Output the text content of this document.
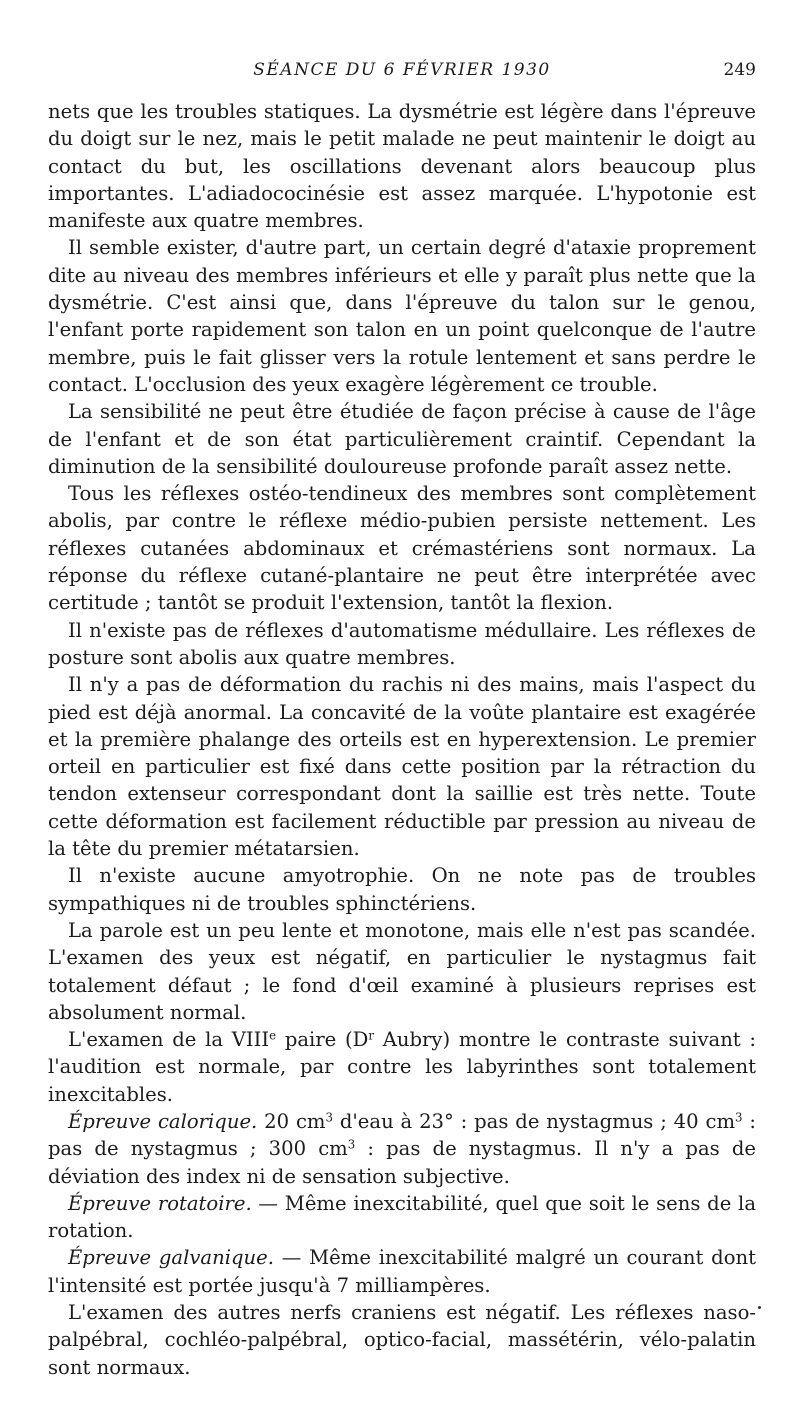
SÉANCE DU 6 FÉVRIER 1930	249

nets que les troubles statiques. La dysmétrie est légère dans l'épreuve du doigt sur le nez, mais le petit malade ne peut maintenir le doigt au contact du but, les oscillations devenant alors beaucoup plus importantes. L'adiadococinésie est assez marquée. L'hypotonie est manifeste aux quatre membres.

Il semble exister, d'autre part, un certain degré d'ataxie proprement dite au niveau des membres inférieurs et elle y paraît plus nette que la dysmétrie. C'est ainsi que, dans l'épreuve du talon sur le genou, l'enfant porte rapidement son talon en un point quelconque de l'autre membre, puis le fait glisser vers la rotule lentement et sans perdre le contact. L'occlusion des yeux exagère légèrement ce trouble.

La sensibilité ne peut être étudiée de façon précise à cause de l'âge de l'enfant et de son état particulièrement craintif. Cependant la diminution de la sensibilité douloureuse profonde paraît assez nette.

Tous les réflexes ostéo-tendineux des membres sont complètement abolis, par contre le réflexe médio-pubien persiste nettement. Les réflexes cutanées abdominaux et crémastériens sont normaux. La réponse du réflexe cutané-plantaire ne peut être interprétée avec certitude ; tantôt se produit l'extension, tantôt la flexion.

Il n'existe pas de réflexes d'automatisme médullaire. Les réflexes de posture sont abolis aux quatre membres.

Il n'y a pas de déformation du rachis ni des mains, mais l'aspect du pied est déjà anormal. La concavité de la voûte plantaire est exagérée et la première phalange des orteils est en hyperextension. Le premier orteil en particulier est fixé dans cette position par la rétraction du tendon extenseur correspondant dont la saillie est très nette. Toute cette déformation est facilement réductible par pression au niveau de la tête du premier métatarsien.

Il n'existe aucune amyotrophie. On ne note pas de troubles sympathiques ni de troubles sphinctériens.

La parole est un peu lente et monotone, mais elle n'est pas scandée. L'examen des yeux est négatif, en particulier le nystagmus fait totalement défaut ; le fond d'œil examiné à plusieurs reprises est absolument normal.

L'examen de la VIIIe paire ($D^r$ Aubry) montre le contraste suivant : l'audition est normale, par contre les labyrinthes sont totalement inexcitables.

Épreuve calorique. 20 $cm^3$ d'eau à 23° : pas de nystagmus ; 40 $cm^3$ : pas de nystagmus ; 300 $cm^3$ : pas de nystagmus. Il n'y a pas de déviation des index ni de sensation subjective.

Épreuve rotatoire. — Même inexcitabilité, quel que soit le sens de la rotation.

Épreuve galvanique. — Même inexcitabilité malgré un courant dont l'intensité est portée jusqu'à 7 milliampères.

L'examen des autres nerfs craniens est négatif. Les réflexes naso-palpébral, cochléo-palpébral, optico-facial, massétérin, vélo-palatin sont normaux.
